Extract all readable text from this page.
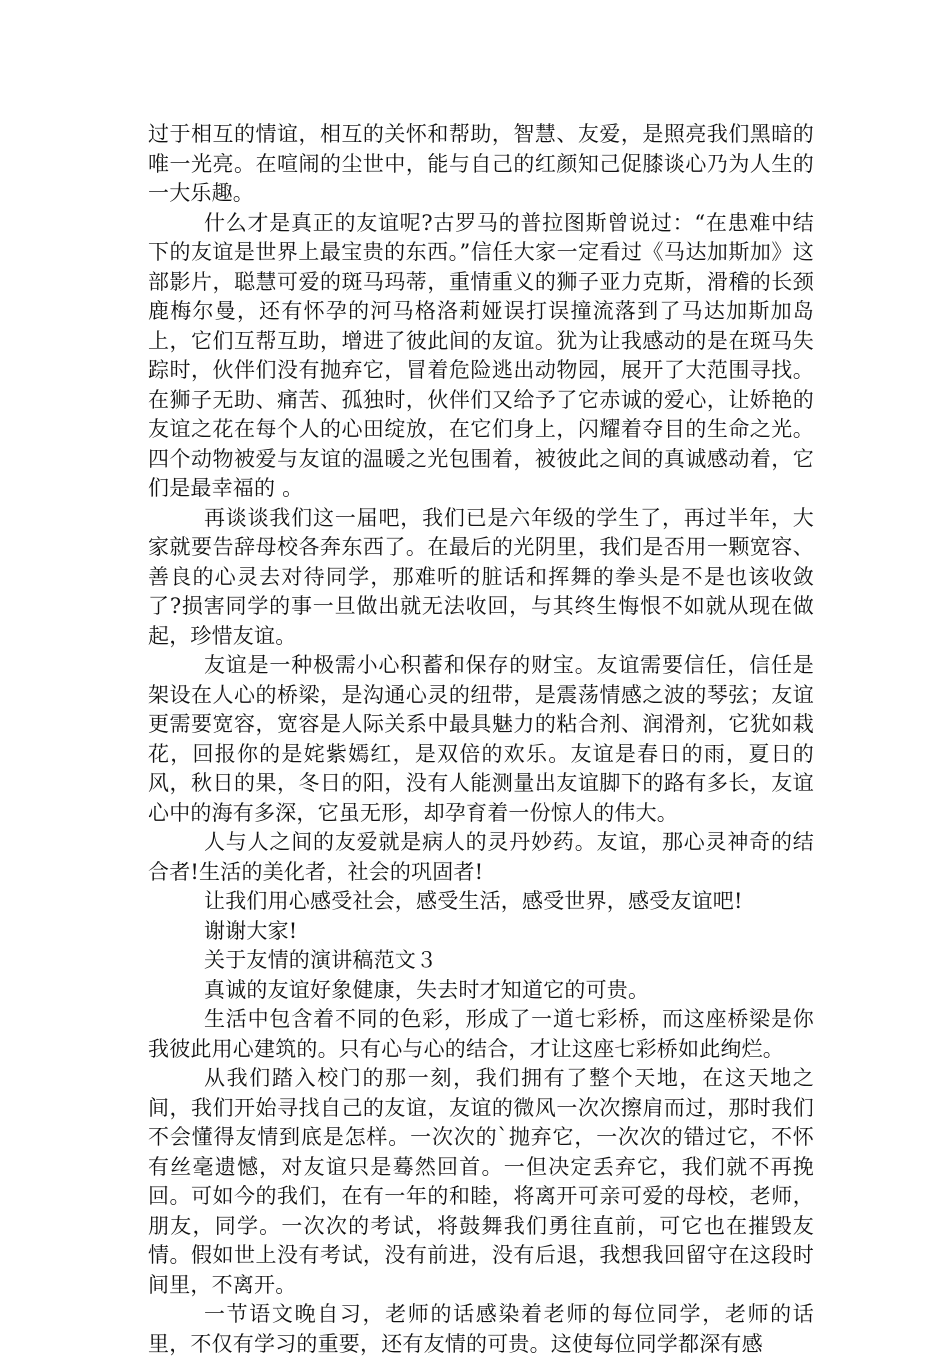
过于相互的情谊，相互的关怀和帮助，智慧、友爱，是照亮我们黑暗的唯一光亮。在喧闹的尘世中，能与自己的红颜知己促膝谈心乃为人生的一大乐趣。

什么才是真正的友谊呢?古罗马的普拉图斯曾说过：“在患难中结下的友谊是世界上最宝贵的东西。”信任大家一定看过《马达加斯加》这部影片，聪慧可爱的斑马玛蒂，重情重义的狮子亚力克斯，滑稽的长颈鹿梅尔曼，还有怀孕的河马格洛莉娅误打误撞流落到了马达加斯加岛上，它们互帮互助，增进了彼此间的友谊。犹为让我感动的是在斑马失踪时，伙伴们没有抛弃它，冒着危险逃出动物园，展开了大范围寻找。在狮子无助、痛苦、孤独时，伙伴们又给予了它赤诚的爱心，让娇艳的友谊之花在每个人的心田绽放，在它们身上，闪耀着夺目的生命之光。四个动物被爱与友谊的温暖之光包围着，被彼此之间的真诚感动着，它们是最幸福的 。

再谈谈我们这一届吧，我们已是六年级的学生了，再过半年，大家就要告辞母校各奔东西了。在最后的光阴里，我们是否用一颗宽容、善良的心灵去对待同学，那难听的脏话和挥舞的拳头是不是也该收敛了?损害同学的事一旦做出就无法收回，与其终生悔恨不如就从现在做起，珍惜友谊。

友谊是一种极需小心积蓄和保存的财宝。友谊需要信任，信任是架设在人心的桥梁，是沟通心灵的纽带，是震荡情感之波的琴弦；友谊更需要宽容，宽容是人际关系中最具魅力的粘合剂、润滑剂，它犹如栽花，回报你的是姹紫嫣红，是双倍的欢乐。友谊是春日的雨，夏日的风，秋日的果，冬日的阳，没有人能测量出友谊脚下的路有多长，友谊心中的海有多深，它虽无形，却孕育着一份惊人的伟大。

人与人之间的友爱就是病人的灵丹妙药。友谊，那心灵神奇的结合者!生活的美化者，社会的巩固者!

让我们用心感受社会，感受生活，感受世界，感受友谊吧!

谢谢大家!

关于友情的演讲稿范文３

真诚的友谊好象健康，失去时才知道它的可贵。

生活中包含着不同的色彩，形成了一道七彩桥，而这座桥梁是你我彼此用心建筑的。只有心与心的结合，才让这座七彩桥如此绚烂。

从我们踏入校门的那一刻，我们拥有了整个天地，在这天地之间，我们开始寻找自己的友谊，友谊的微风一次次擦肩而过，那时我们不会懂得友情到底是怎样。一次次的`抛弃它，一次次的错过它，不怀有丝毫遗憾，对友谊只是蓦然回首。一但决定丢弃它，我们就不再挽回。可如今的我们，在有一年的和睦，将离开可亲可爱的母校，老师，朋友，同学。一次次的考试，将鼓舞我们勇往直前，可它也在摧毁友情。假如世上没有考试，没有前进，没有后退，我想我回留守在这段时间里，不离开。

一节语文晚自习，老师的话感染着老师的每位同学，老师的话里，不仅有学习的重要，还有友情的可贵。这使每位同学都深有感
